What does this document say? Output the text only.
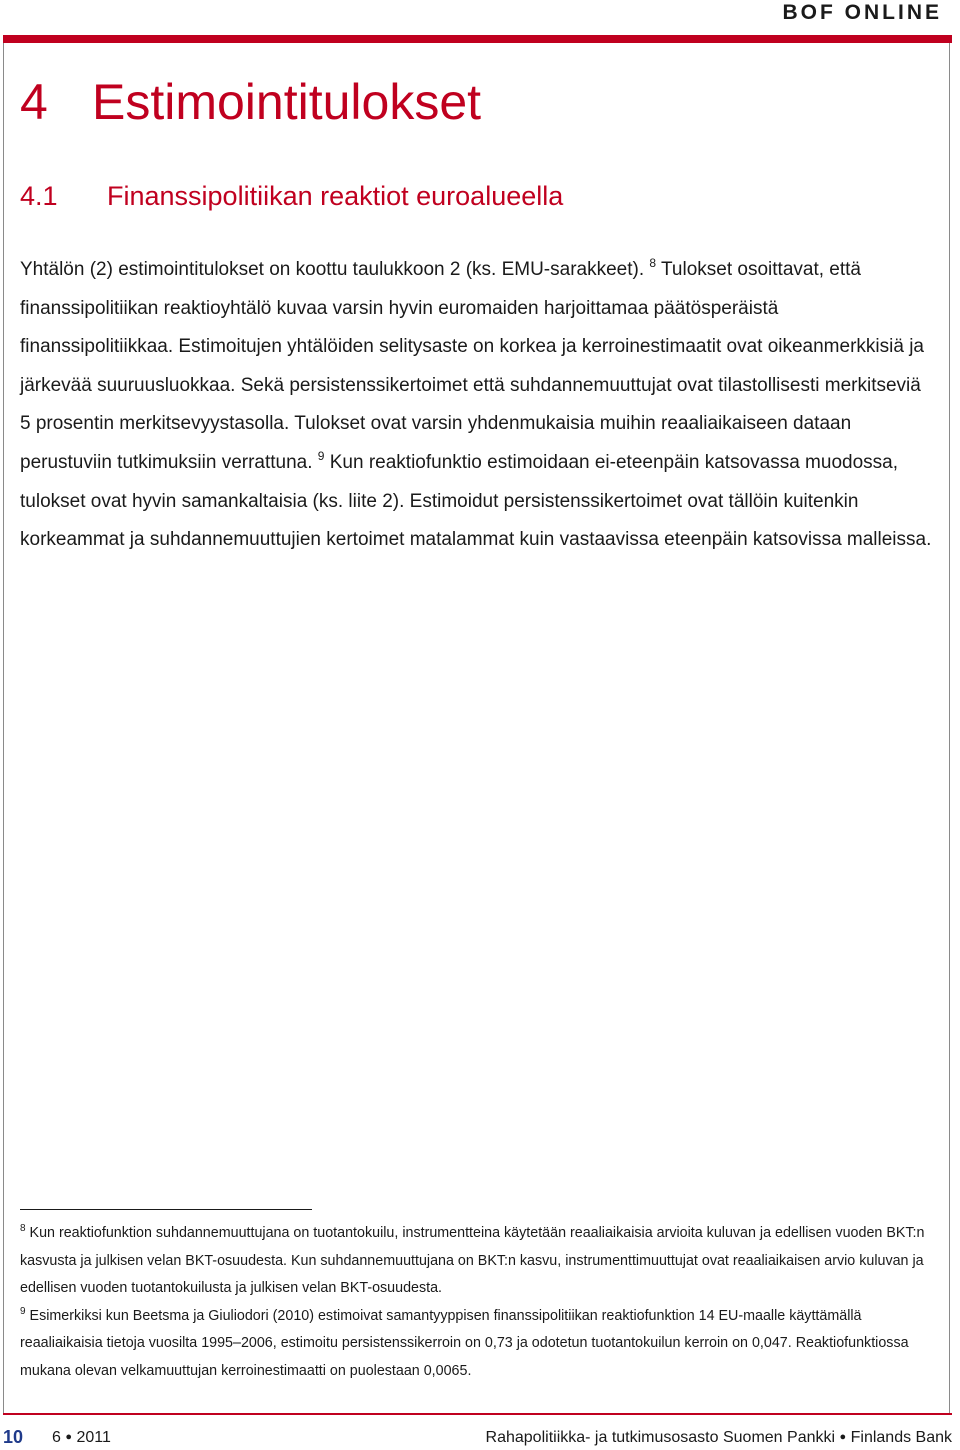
BOF ONLINE
4 Estimointitulokset
4.1 Finanssipolitiikan reaktiot euroalueella

Yhtälön (2) estimointitulokset on koottu taulukkoon 2 (ks. EMU-sarakkeet). $^8$ Tulokset osoittavat, että finanssipolitiikan reaktioyhtälö kuvaa varsin hyvin euromaiden harjoittamaa päätösperäistä finanssipolitiikkaa. Estimoitujen yhtälöiden selitysaste on korkea ja kerroinestimaatit ovat oikeanmerkkisiä ja järkevää suuruusluokkaa. Sekä persistenssikertoimet että suhdannemuuttujat ovat tilastollisesti merkitseviä 5 prosentin merkitsevyystasolla. Tulokset ovat varsin yhdenmukaisia muihin reaaliaikaiseen dataan perustuviin tutkimuksiin verrattuna. $^9$ Kun reaktiofunktio estimoidaan ei-eteenpäin katsovassa muodossa, tulokset ovat hyvin samankaltaisia (ks. liite 2). Estimoidut persistenssikertoimet ovat tällöin kuitenkin korkeammat ja suhdannemuuttujien kertoimet matalammat kuin vastaavissa eteenpäin katsovissa malleissa.

$^8$ Kun reaktiofunktion suhdannemuuttujana on tuotantokuilu, instrumentteina käytetään reaaliaikaisia arvioita kuluvan ja edellisen vuoden BKT:n kasvusta ja julkisen velan BKT-osuudesta. Kun suhdannemuuttujana on BKT:n kasvu, instrumenttimuuttujat ovat reaaliaikaisen arvio kuluvan ja edellisen vuoden tuotantokuilusta ja julkisen velan BKT-osuudesta.

$^9$ Esimerkiksi kun Beetsma ja Giuliodori (2010) estimoivat samantyyppisen finanssipolitiikan reaktiofunktion 14 EU-maalle käyttämällä reaaliaikaisia tietoja vuosilta 1995–2006, estimoitu persistenssikerroin on 0,73 ja odotetun tuotantokuilun kerroin on 0,047. Reaktiofunktiossa mukana olevan velkamuuttujan kerroinestimaatti on puolestaan 0,0065.

10 6 ● 2011	Rahapolitiikka- ja tutkimusosasto Suomen Pankki ● Finlands Bank
